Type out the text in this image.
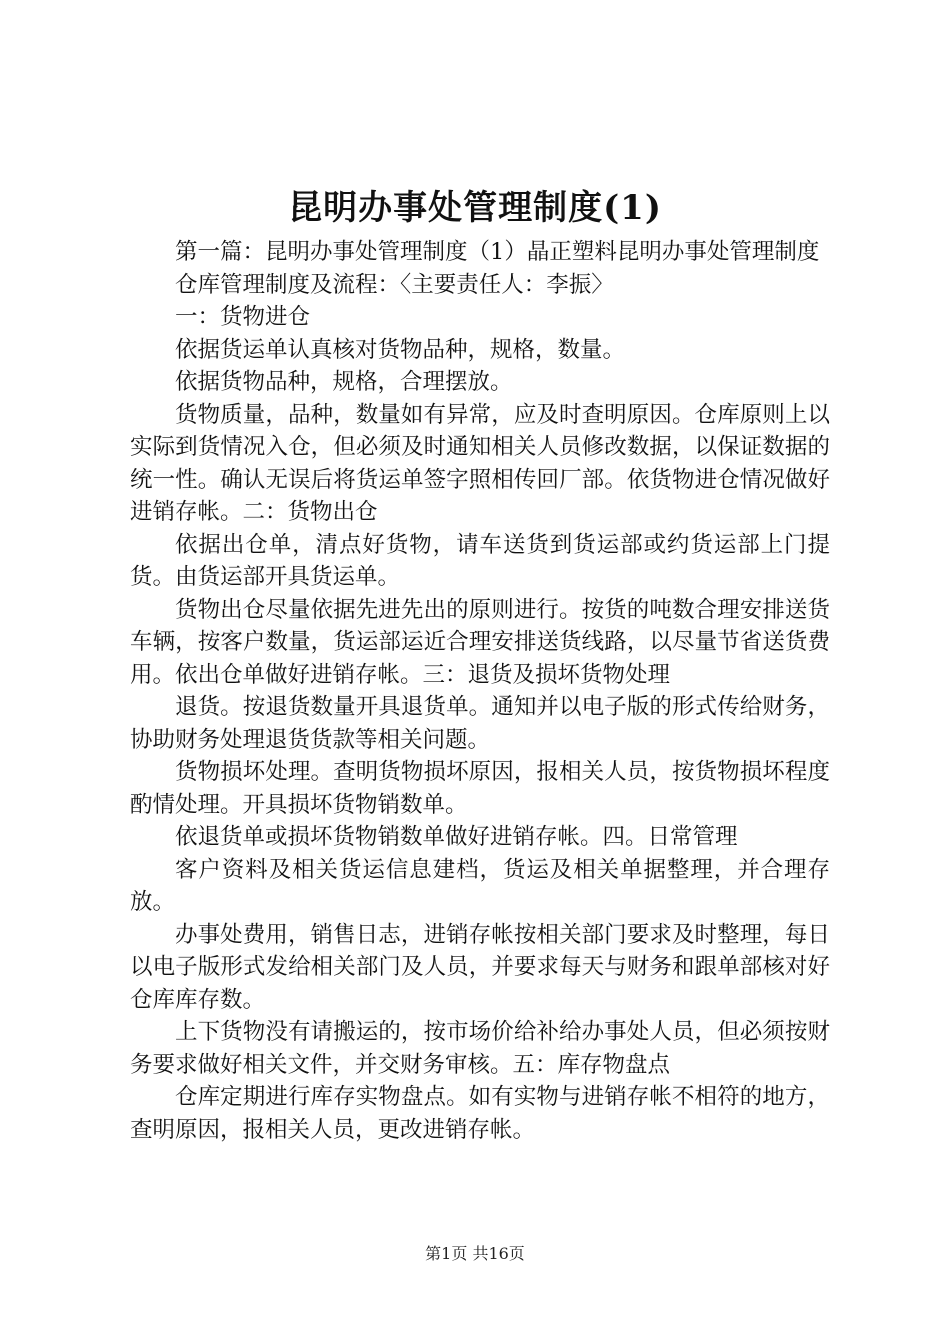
昆明办事处管理制度(1)

第一篇：昆明办事处管理制度（1）晶正塑料昆明办事处管理制度

仓库管理制度及流程：〈主要责任人：李振〉

一：货物进仓

依据货运单认真核对货物品种，规格，数量。

依据货物品种，规格，合理摆放。

货物质量，品种，数量如有异常，应及时查明原因。仓库原则上以实际到货情况入仓，但必须及时通知相关人员修改数据，以保证数据的统一性。确认无误后将货运单签字照相传回厂部。依货物进仓情况做好进销存帐。二：货物出仓

依据出仓单，清点好货物，请车送货到货运部或约货运部上门提货。由货运部开具货运单。

货物出仓尽量依据先进先出的原则进行。按货的吨数合理安排送货车辆，按客户数量，货运部运近合理安排送货线路，以尽量节省送货费用。依出仓单做好进销存帐。三：退货及损坏货物处理

退货。按退货数量开具退货单。通知并以电子版的形式传给财务，协助财务处理退货货款等相关问题。

货物损坏处理。查明货物损坏原因，报相关人员，按货物损坏程度酌情处理。开具损坏货物销数单。

依退货单或损坏货物销数单做好进销存帐。四。日常管理

客户资料及相关货运信息建档，货运及相关单据整理，并合理存放。

办事处费用，销售日志，进销存帐按相关部门要求及时整理，每日以电子版形式发给相关部门及人员，并要求每天与财务和跟单部核对好仓库库存数。

上下货物没有请搬运的，按市场价给补给办事处人员，但必须按财务要求做好相关文件，并交财务审核。五：库存物盘点

仓库定期进行库存实物盘点。如有实物与进销存帐不相符的地方，查明原因，报相关人员，更改进销存帐。

第1页 共16页
